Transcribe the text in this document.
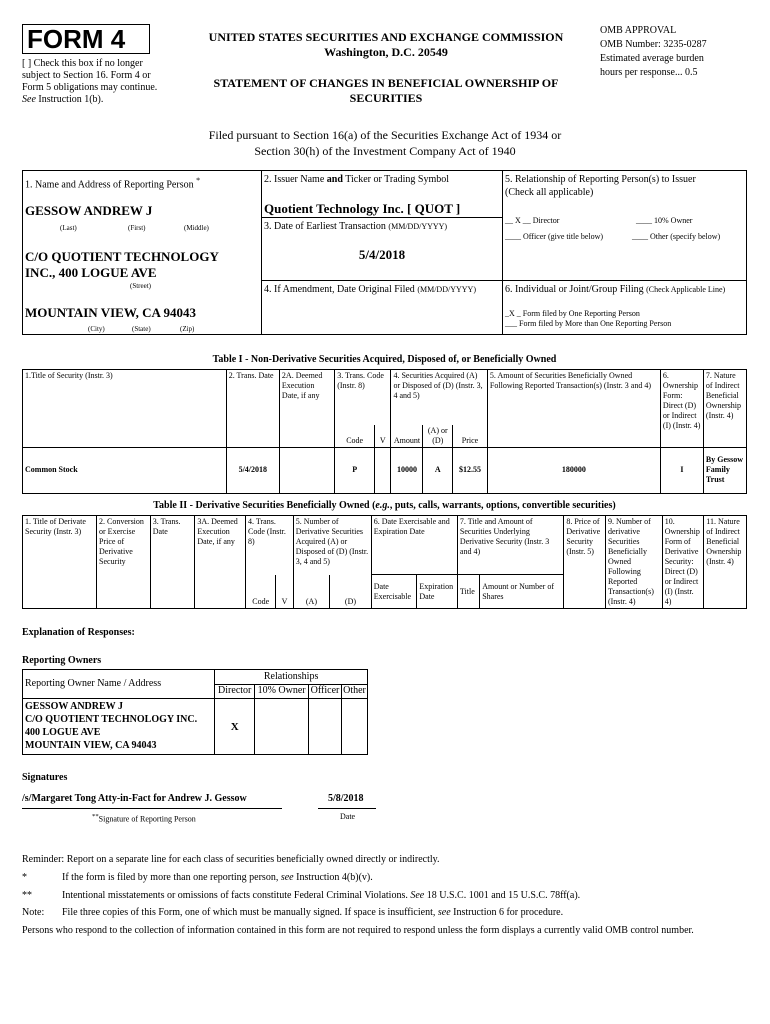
FORM 4
[ ] Check this box if no longer subject to Section 16. Form 4 or Form 5 obligations may continue. See Instruction 1(b).
UNITED STATES SECURITIES AND EXCHANGE COMMISSION
Washington, D.C. 20549
STATEMENT OF CHANGES IN BENEFICIAL OWNERSHIP OF
SECURITIES
OMB APPROVAL
OMB Number: 3235-0287
Estimated average burden
hours per response... 0.5
Filed pursuant to Section 16(a) of the Securities Exchange Act of 1934 or
Section 30(h) of the Investment Company Act of 1940
1. Name and Address of Reporting Person *
GESSOW ANDREW J
(Last)	(First)	(Middle)
C/O QUOTIENT TECHNOLOGY
INC., 400 LOGUE AVE
(Street)
MOUNTAIN VIEW, CA 94043
(City)	(State)	(Zip)
2. Issuer Name and Ticker or Trading Symbol
Quotient Technology Inc. [ QUOT ]
3. Date of Earliest Transaction (MM/DD/YYYY)
5/4/2018
4. If Amendment, Date Original Filed (MM/DD/YYYY)
5. Relationship of Reporting Person(s) to Issuer
(Check all applicable)
__ X __ Director	____ 10% Owner
____ Officer (give title below)	____ Other (specify below)
6. Individual or Joint/Group Filing (Check Applicable Line)
_X _ Form filed by One Reporting Person
___ Form filed by More than One Reporting Person
Table I - Non-Derivative Securities Acquired, Disposed of, or Beneficially Owned
1.Title of Security (Instr. 3)	2. Trans. Date	2A. Deemed Execution Date, if any	3. Trans. Code (Instr. 8)		4. Securities Acquired (A) or Disposed of (D) (Instr. 3, 4 and 5)			5. Amount of Securities Beneficially Owned Following Reported Transaction(s) (Instr. 3 and 4)	6. Ownership Form: Direct (D) or Indirect (I) (Instr. 4)	7. Nature of Indirect Beneficial Ownership (Instr. 4)
			Code	V	Amount	(A) or (D)	Price			
Common Stock	5/4/2018		P		10000	A	$12.55	180000	I	By Gessow Family Trust
Table II - Derivative Securities Beneficially Owned (e.g., puts, calls, warrants, options, convertible securities)
1. Title of Derivate Security (Instr. 3)	2. Conversion or Exercise Price of Derivative Security	3. Trans. Date	3A. Deemed Execution Date, if any	4. Trans. Code (Instr. 8)		5. Number of Derivative Securities Acquired (A) or Disposed of (D) (Instr. 3, 4 and 5)		6. Date Exercisable and Expiration Date		7. Title and Amount of Securities Underlying Derivative Security (Instr. 3 and 4)		8. Price of Derivative Security (Instr. 5)	9. Number of derivative Securities Beneficially Owned Following Reported Transaction(s) (Instr. 4)	10. Ownership Form of Derivative Security: Direct (D) or Indirect (I) (Instr. 4)	11. Nature of Indirect Beneficial Ownership (Instr. 4)
				Code	V	(A)	(D)	Date Exercisable	Expiration Date	Title	Amount or Number of Shares				
Explanation of Responses:
Reporting Owners
Reporting Owner Name / Address	Relationships			
	Director	10% Owner	Officer	Other

GESSOW ANDREW J
C/O QUOTIENT TECHNOLOGY INC.
400 LOGUE AVE
MOUNTAIN VIEW, CA 94043	X			
Signatures
/s/Margaret Tong Atty-in-Fact for Andrew J. Gessow	5/8/2018
**Signature of Reporting Person	Date
Reminder: Report on a separate line for each class of securities beneficially owned directly or indirectly.
*	If the form is filed by more than one reporting person, see Instruction 4(b)(v).
**	Intentional misstatements or omissions of facts constitute Federal Criminal Violations. See 18 U.S.C. 1001 and 15 U.S.C. 78ff(a).
Note: File three copies of this Form, one of which must be manually signed. If space is insufficient, see Instruction 6 for procedure.
Persons who respond to the collection of information contained in this form are not required to respond unless the form displays a currently valid OMB control number.
